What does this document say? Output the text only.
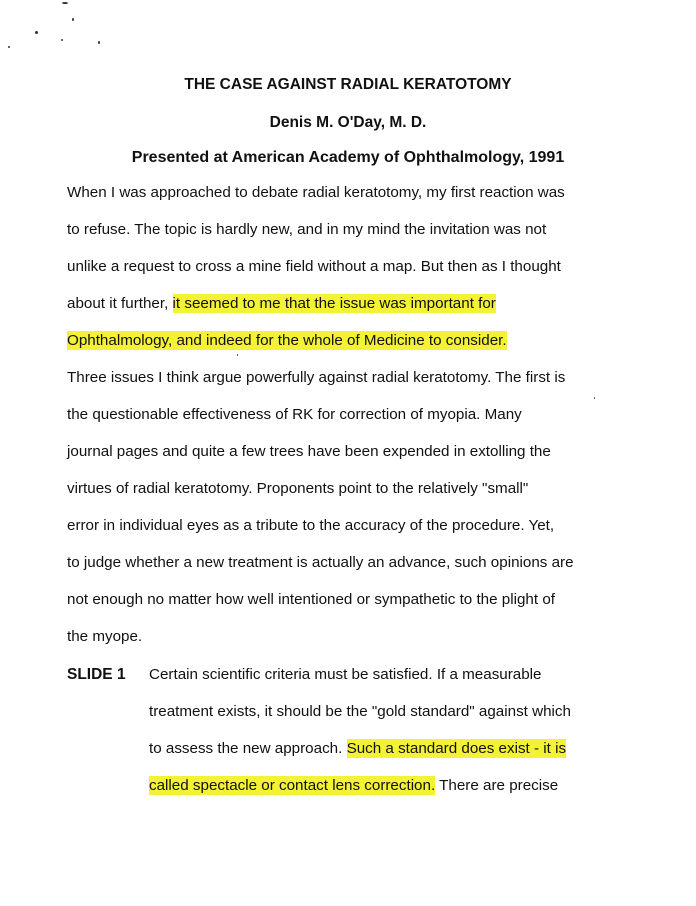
THE CASE AGAINST RADIAL KERATOTOMY
Denis M. O'Day, M. D.
Presented at American Academy of Ophthalmology, 1991
When I was approached to debate radial keratotomy, my first reaction was
to refuse. The topic is hardly new, and in my mind the invitation was not
unlike a request to cross a mine field without a map. But then as I thought
about it further, it seemed to me that the issue was important for
Ophthalmology, and indeed for the whole of Medicine to consider.
Three issues I think argue powerfully against radial keratotomy. The first is
the questionable effectiveness of RK for correction of myopia. Many
journal pages and quite a few trees have been expended in extolling the
virtues of radial keratotomy. Proponents point to the relatively "small"
error in individual eyes as a tribute to the accuracy of the procedure. Yet,
to judge whether a new treatment is actually an advance, such opinions are
not enough no matter how well intentioned or sympathetic to the plight of
the myope.
SLIDE 1 Certain scientific criteria must be satisfied. If a measurable
treatment exists, it should be the "gold standard" against which
to assess the new approach. Such a standard does exist - it is
called spectacle or contact lens correction. There are precise
